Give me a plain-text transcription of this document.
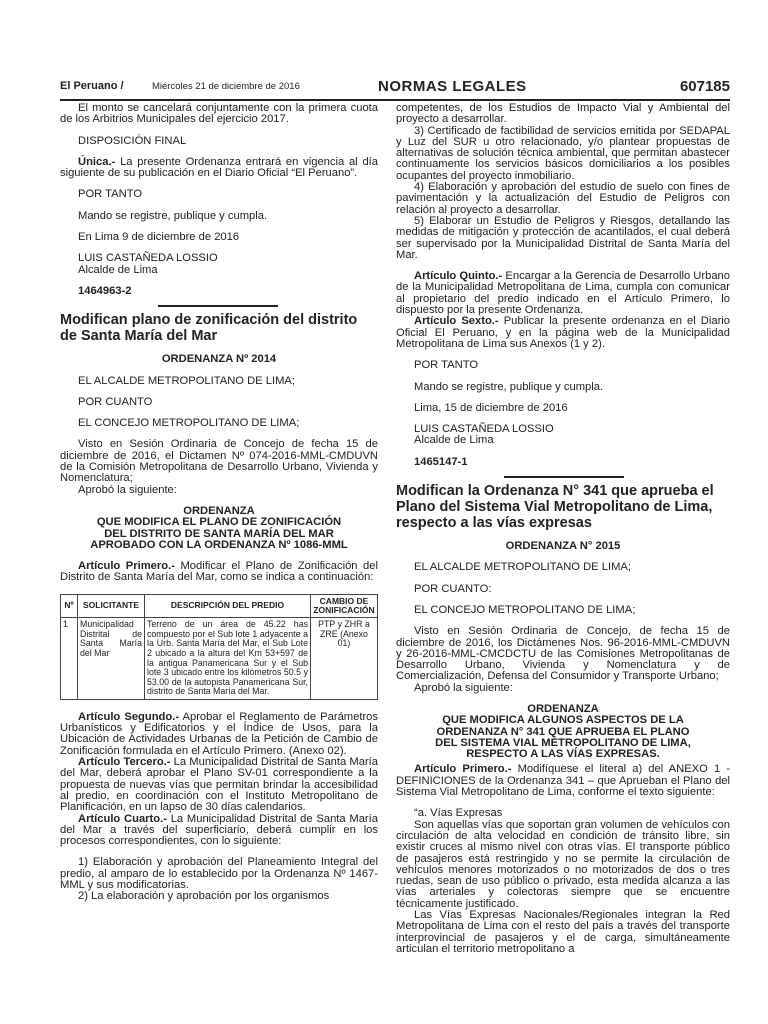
El Peruano /	Miércoles 21 de diciembre de 2016	NORMAS LEGALES	607185

El monto se cancelará conjuntamente con la primera cuota de los Arbitrios Municipales del ejercicio 2017.

DISPOSICIÓN FINAL

Única.- La presente Ordenanza entrará en vigencia al día siguiente de su publicación en el Diario Oficial “El Peruano”.

POR TANTO

Mando se registre, publique y cumpla.

En Lima 9 de diciembre de 2016

LUIS CASTAÑEDA LOSSIO

Alcalde de Lima

1464963-2

Modifican plano de zonificación del distrito de Santa María del Mar

ORDENANZA Nº 2014

EL ALCALDE METROPOLITANO DE LIMA;

POR CUANTO

EL CONCEJO METROPOLITANO DE LIMA;

Visto en Sesión Ordinaria de Concejo de fecha 15 de diciembre de 2016, el Dictamen Nº 074-2016-MML-CMDUVN de la Comisión Metropolitana de Desarrollo Urbano, Vivienda y Nomenclatura;

Aprobó la siguiente:

ORDENANZA

QUE MODIFICA EL PLANO DE ZONIFICACIÓN

DEL DISTRITO DE SANTA MARÍA DEL MAR

APROBADO CON LA ORDENANZA Nº 1086-MML

Artículo Primero.- Modificar el Plano de Zonificación del Distrito de Santa María del Mar, como se indica a continuación:

Nº	SOLICITANTE	DESCRIPCIÓN DEL PREDIO	CAMBIO DE ZONIFICACIÓN
1	Municipalidad Distrital de Santa María del Mar	Terreno de un área de 45.22 has compuesto por el Sub lote 1 adyacente a la Urb. Santa María del Mar, el Sub Lote 2 ubicado a la altura del Km 53+597 de la antigua Panamericana Sur y el Sub lote 3 ubicado entre los kilómetros 50.5 y 53.00 de la autopista Panamericana Sur, distrito de Santa María del Mar.	PTP y ZHR a ZRE (Anexo 01)

Artículo Segundo.- Aprobar el Reglamento de Parámetros Urbanísticos y Edificatorios y el Índice de Usos, para la Ubicación de Actividades Urbanas de la Petición de Cambio de Zonificación formulada en el Artículo Primero. (Anexo 02).

Artículo Tercero.- La Municipalidad Distrital de Santa María del Mar, deberá aprobar el Plano SV-01 correspondiente a la propuesta de nuevas vías que permitan brindar la accesibilidad al predio, en coordinación con el Instituto Metropolitano de Planificación, en un lapso de 30 días calendarios.

Artículo Cuarto.- La Municipalidad Distrital de Santa María del Mar a través del superficiario, deberá cumplir en los procesos correspondientes, con lo siguiente:

1) Elaboración y aprobación del Planeamiento Integral del predio, al amparo de lo establecido por la Ordenanza Nº 1467-MML y sus modificatorias.

2) La elaboración y aprobación por los organismos

competentes, de los Estudios de Impacto Vial y Ambiental del proyecto a desarrollar.

3) Certificado de factibilidad de servicios emitida por SEDAPAL y Luz del SUR u otro relacionado, y/o plantear propuestas de alternativas de solución técnica ambiental, que permitan abastecer continuamente los servicios básicos domiciliarios a los posibles ocupantes del proyecto inmobiliario.

4) Elaboración y aprobación del estudio de suelo con fines de pavimentación y la actualización del Estudio de Peligros con relación al proyecto a desarrollar.

5) Elaborar un Estudio de Peligros y Riesgos, detallando las medidas de mitigación y protección de acantilados, el cual deberá ser supervisado por la Municipalidad Distrital de Santa María del Mar.

Artículo Quinto.- Encargar a la Gerencia de Desarrollo Urbano de la Municipalidad Metropolitana de Lima, cumpla con comunicar al propietario del predio indicado en el Artículo Primero, lo dispuesto por la presente Ordenanza.

Artículo Sexto.- Publicar la presente ordenanza en el Diario Oficial El Peruano, y en la página web de la Municipalidad Metropolitana de Lima sus Anexos (1 y 2).

POR TANTO

Mando se registre, publique y cumpla.

Lima, 15 de diciembre de 2016

LUIS CASTAÑEDA LOSSIO

Alcalde de Lima

1465147-1

Modifican la Ordenanza N° 341 que aprueba el Plano del Sistema Vial Metropolitano de Lima, respecto a las vías expresas

ORDENANZA N° 2015

EL ALCALDE METROPOLITANO DE LIMA;

POR CUANTO:

EL CONCEJO METROPOLITANO DE LIMA;

Visto en Sesión Ordinaria de Concejo, de fecha 15 de diciembre de 2016, los Dictámenes Nos. 96-2016-MML-CMDUVN y 26-2016-MML-CMCDCTU de las Comisiones Metropolitanas de Desarrollo Urbano, Vivienda y Nomenclatura y de Comercialización, Defensa del Consumidor y Transporte Urbano;

Aprobó la siguiente:

ORDENANZA

QUE MODIFICA ALGUNOS ASPECTOS DE LA

ORDENANZA N° 341 QUE APRUEBA EL PLANO

DEL SISTEMA VIAL METROPOLITANO DE LIMA,

RESPECTO A LAS VÍAS EXPRESAS.

Artículo Primero.- Modifíquese el literal a) del ANEXO 1 - DEFINICIONES de la Ordenanza 341 – que Aprueban el Plano del Sistema Vial Metropolitano de Lima, conforme el texto siguiente:

“a. Vías Expresas

Son aquellas vías que soportan gran volumen de vehículos con circulación de alta velocidad en condición de tránsito libre, sin existir cruces al mismo nivel con otras vías. El transporte público de pasajeros está restringido y no se permite la circulación de vehículos menores motorizados o no motorizados de dos o tres ruedas, sean de uso público o privado, esta medida alcanza a las vías arteriales y colectoras siempre que se encuentre técnicamente justificado.

Las Vías Expresas Nacionales/Regionales integran la Red Metropolitana de Lima con el resto del país a través del transporte interprovincial de pasajeros y el de carga, simultáneamente articulan el territorio metropolitano a
